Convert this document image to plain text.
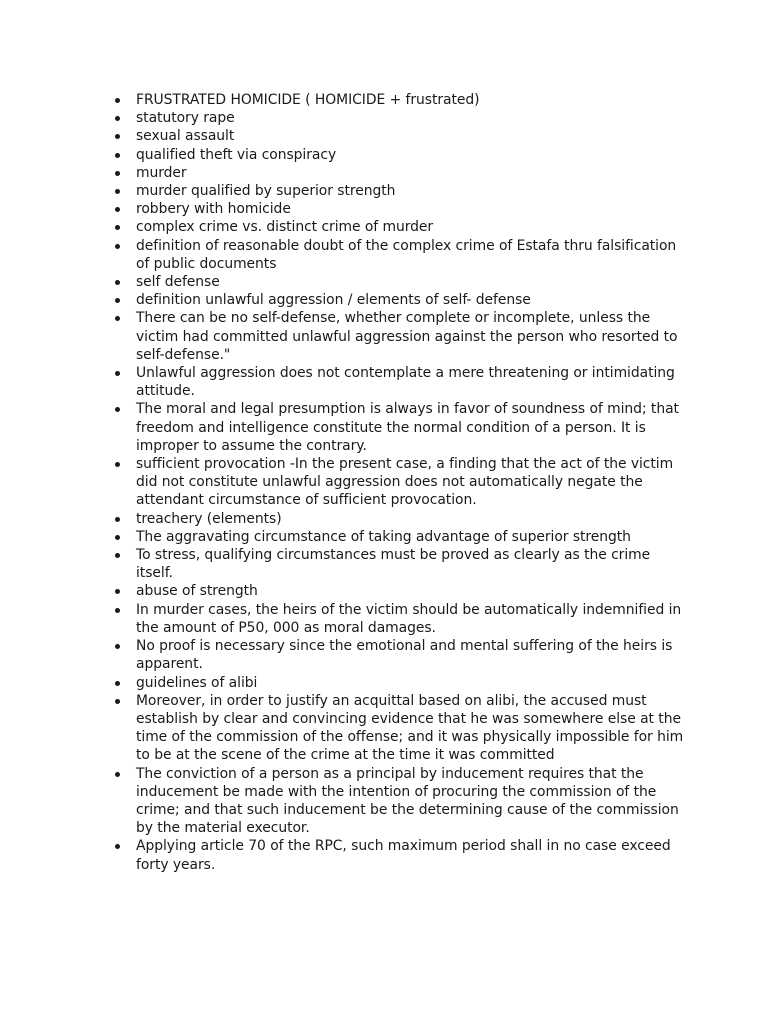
FRUSTRATED HOMICIDE ( HOMICIDE + frustrated)
statutory rape
sexual assault
qualified theft via conspiracy
murder
murder qualified by superior strength
robbery with homicide
complex crime vs. distinct crime of murder
definition of reasonable doubt of the complex crime of Estafa thru falsification of public documents
self defense
definition unlawful aggression / elements of self- defense
There can be no self-defense, whether complete or incomplete, unless the victim had committed unlawful aggression against the person who resorted to self-defense."
Unlawful aggression does not contemplate a mere threatening or intimidating attitude.
The moral and legal presumption is always in favor of soundness of mind; that freedom and intelligence constitute the normal condition of a person. It is improper to assume the contrary.
sufficient provocation -In the present case, a finding that the act of the victim did not constitute unlawful aggression does not automatically negate the attendant circumstance of sufficient provocation.
treachery (elements)
The aggravating circumstance of taking advantage of superior strength
To stress, qualifying circumstances must be proved as clearly as the crime itself.
abuse of strength
In murder cases, the heirs of the victim should be automatically indemnified in the amount of P50, 000 as moral damages.
No proof is necessary since the emotional and mental suffering of the heirs is apparent.
guidelines of alibi
Moreover, in order to justify an acquittal based on alibi, the accused must establish by clear and convincing evidence that he was somewhere else at the time of the commission of the offense; and it was physically impossible for him to be at the scene of the crime at the time it was committed
The conviction of a person as a principal by inducement requires that the inducement be made with the intention of procuring the commission of the crime; and that such inducement be the determining cause of the commission by the material executor.
Applying article 70 of the RPC, such maximum period shall in no case exceed forty years.
